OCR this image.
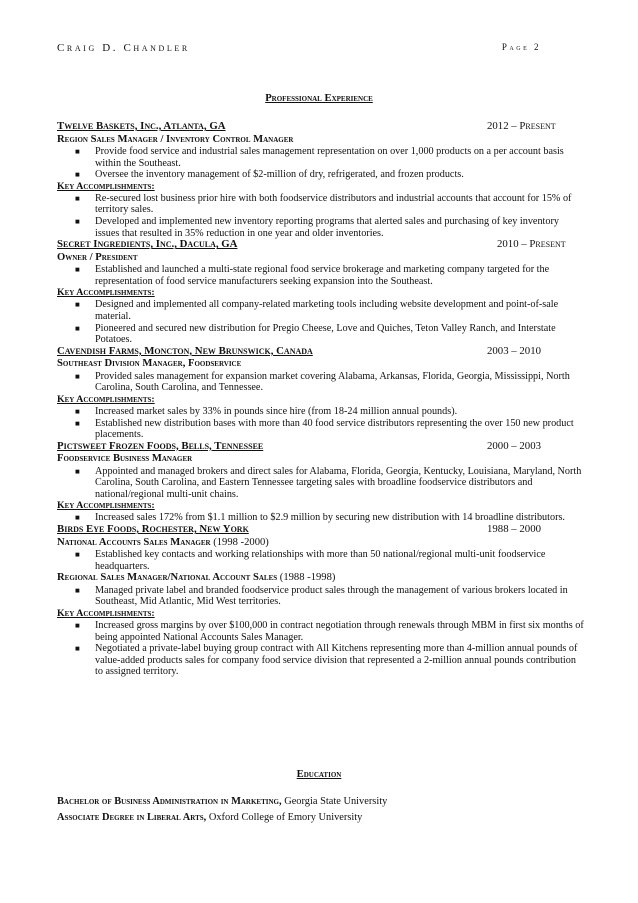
Craig D. Chandler	Page 2
Professional Experience
Twelve Baskets, Inc., Atlanta, GA	2012 – Present
Region Sales Manager / Inventory Control Manager
■ Provide food service and industrial sales management representation on over 1,000 products on a per account basis within the Southeast.
■ Oversee the inventory management of $2-million of dry, refrigerated, and frozen products.
Key Accomplishments:
■ Re-secured lost business prior hire with both foodservice distributors and industrial accounts that account for 15% of territory sales.
■ Developed and implemented new inventory reporting programs that alerted sales and purchasing of key inventory issues that resulted in 35% reduction in one year and older inventories.
Secret Ingredients, Inc., Dacula, GA	2010 – Present
Owner / President
■ Established and launched a multi-state regional food service brokerage and marketing company targeted for the representation of food service manufacturers seeking expansion into the Southeast.
Key Accomplishments:
■ Designed and implemented all company-related marketing tools including website development and point-of-sale material.
■ Pioneered and secured new distribution for Pregio Cheese, Love and Quiches, Teton Valley Ranch, and Interstate Potatoes.
Cavendish Farms, Moncton, New Brunswick, Canada	2003 – 2010
Southeast Division Manager, Foodservice
■ Provided sales management for expansion market covering Alabama, Arkansas, Florida, Georgia, Mississippi, North Carolina, South Carolina, and Tennessee.
Key Accomplishments:
■ Increased market sales by 33% in pounds since hire (from 18-24 million annual pounds).
■ Established new distribution bases with more than 40 food service distributors representing the over 150 new product placements.
Pictsweet Frozen Foods, Bells, Tennessee	2000 – 2003
Foodservice Business Manager
■ Appointed and managed brokers and direct sales for Alabama, Florida, Georgia, Kentucky, Louisiana, Maryland, North Carolina, South Carolina, and Eastern Tennessee targeting sales with broadline foodservice distributors and national/regional multi-unit chains.
Key Accomplishments:
■ Increased sales 172% from $1.1 million to $2.9 million by securing new distribution with 14 broadline distributors.
Birds Eye Foods, Rochester, New York	1988 – 2000
National Accounts Sales Manager (1998 -2000)
■ Established key contacts and working relationships with more than 50 national/regional multi-unit foodservice headquarters.
Regional Sales Manager/National Account Sales (1988 -1998)
■ Managed private label and branded foodservice product sales through the management of various brokers located in Southeast, Mid Atlantic, Mid West territories.
Key Accomplishments:
■ Increased gross margins by over $100,000 in contract negotiation through renewals through MBM in first six months of being appointed National Accounts Sales Manager.
■ Negotiated a private-label buying group contract with All Kitchens representing more than 4-million annual pounds of value-added products sales for company food service division that represented a 2-million annual pounds contribution to assigned territory.
Education
Bachelor of Business Administration in Marketing, Georgia State University
Associate Degree in Liberal Arts, Oxford College of Emory University
